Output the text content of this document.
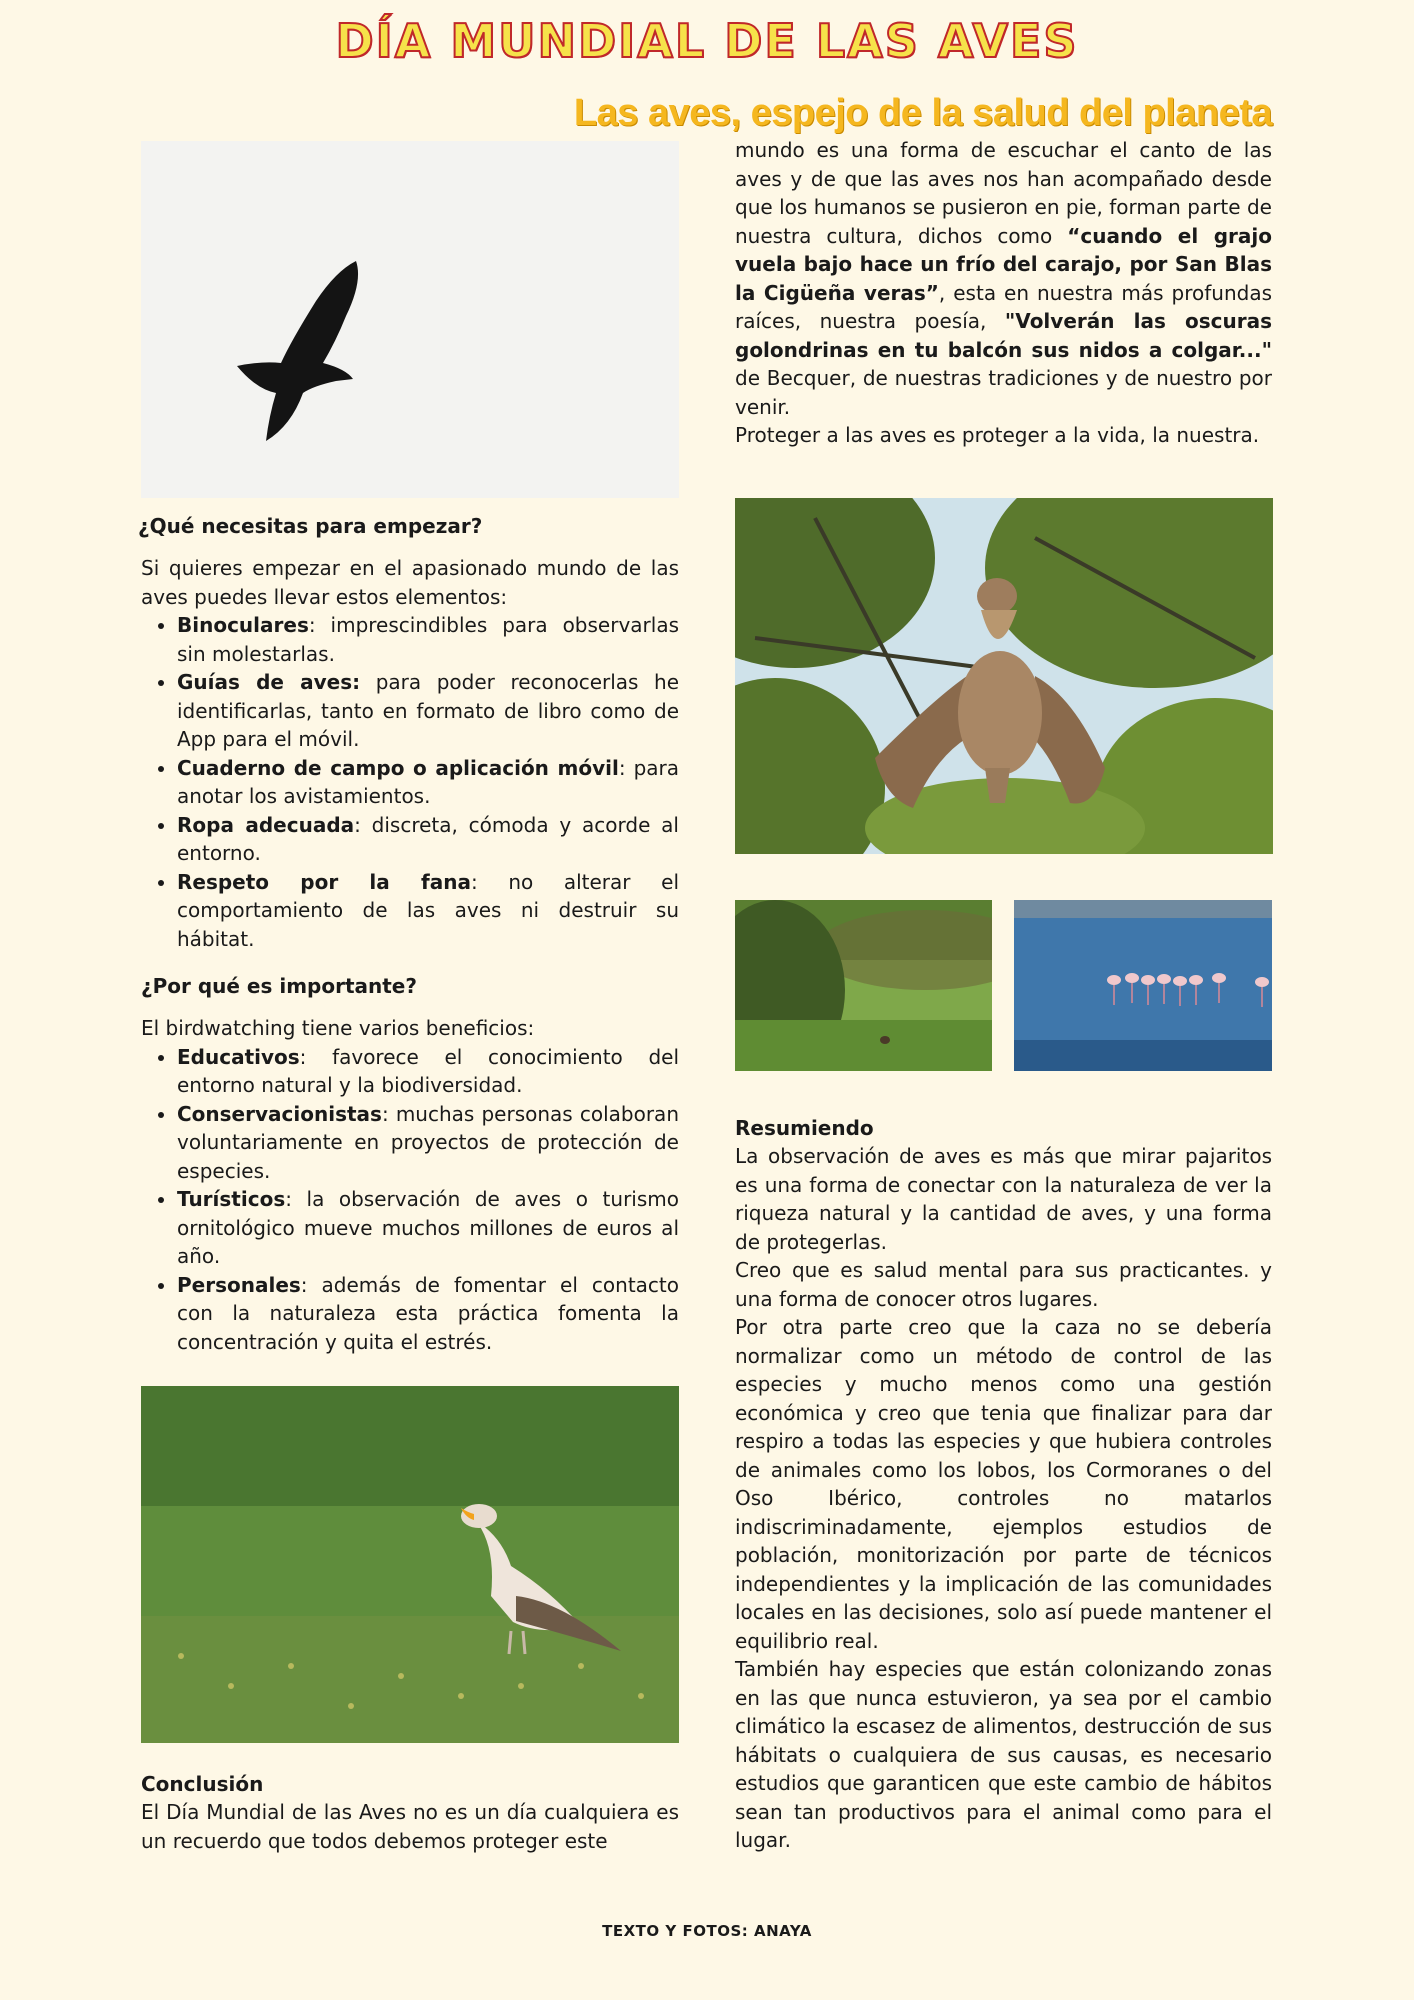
DÍA MUNDIAL DE LAS AVES
Las aves, espejo de la salud del planeta

mundo es una forma de escuchar el canto de las aves y de que las aves nos han acompañado desde que los humanos se pusieron en pie, forman parte de nuestra cultura, dichos como “cuando el grajo vuela bajo hace un frío del carajo, por San Blas la Cigüeña veras”, esta en nuestra más profundas raíces, nuestra poesía, "Volverán las oscuras golondrinas en tu balcón sus nidos a colgar..." de Becquer, de nuestras tradiciones y de nuestro por venir.

Proteger a las aves es proteger a la vida, la nuestra.

¿Qué necesitas para empezar?

Si quieres empezar en el apasionado mundo de las aves puedes llevar estos elementos:

• Binoculares: imprescindibles para observarlas sin molestarlas.
• Guías de aves: para poder reconocerlas he identificarlas, tanto en formato de libro como de App para el móvil.
• Cuaderno de campo o aplicación móvil: para anotar los avistamientos.
• Ropa adecuada: discreta, cómoda y acorde al entorno.
• Respeto por la fana: no alterar el comportamiento de las aves ni destruir su hábitat.
¿Por qué es importante?

El birdwatching tiene varios beneficios:

• Educativos: favorece el conocimiento del entorno natural y la biodiversidad.
• Conservacionistas: muchas personas colaboran voluntariamente en proyectos de protección de especies.
• Turísticos: la observación de aves o turismo ornitológico mueve muchos millones de euros al año.
• Personales: además de fomentar el contacto con la naturaleza esta práctica fomenta la concentración y quita el estrés.
Resumiendo

La observación de aves es más que mirar pajaritos es una forma de conectar con la naturaleza de ver la riqueza natural y la cantidad de aves, y una forma de protegerlas.

Creo que es salud mental para sus practicantes. y una forma de conocer otros lugares.

Por otra parte creo que la caza no se debería normalizar como un método de control de las especies y mucho menos como una gestión económica y creo que tenia que finalizar para dar respiro a todas las especies y que hubiera controles de animales como los lobos, los Cormoranes o del Oso Ibérico, controles no matarlos indiscriminadamente, ejemplos estudios de población, monitorización por parte de técnicos independientes y la implicación de las comunidades locales en las decisiones, solo así puede mantener el equilibrio real.

También hay especies que están colonizando zonas en las que nunca estuvieron, ya sea por el cambio climático la escasez de alimentos, destrucción de sus hábitats o cualquiera de sus causas, es necesario estudios que garanticen que este cambio de hábitos sean tan productivos para el animal como para el lugar.

Conclusión

El Día Mundial de las Aves no es un día cualquiera es un recuerdo que todos debemos proteger este

TEXTO Y FOTOS: ANAYA
